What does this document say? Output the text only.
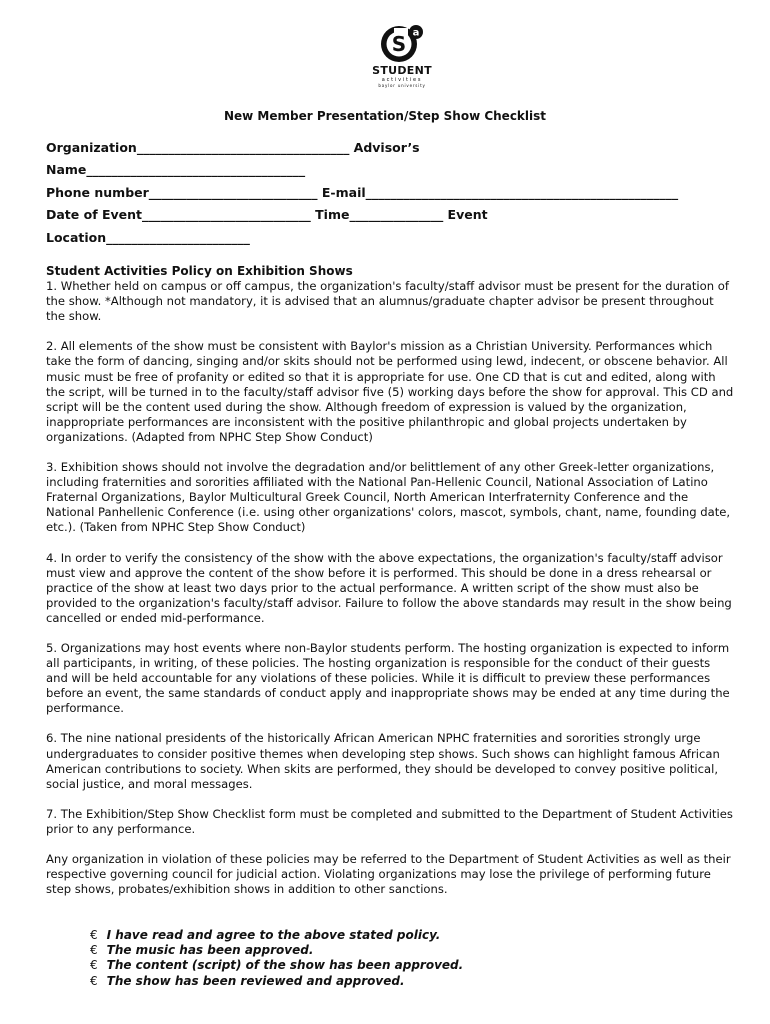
S a
STUDENT
activities
baylor university
New Member Presentation/Step Show Checklist
Organization__________________________________ Advisor’s
Name___________________________________
Phone number___________________________ E-mail__________________________________________________
Date of Event___________________________ Time_______________ Event
Location_______________________
Student Activities Policy on Exhibition Shows

1. Whether held on campus or off campus, the organization's faculty/staff advisor must be present for the duration of the show. *Although not mandatory, it is advised that an alumnus/graduate chapter advisor be present throughout the show.

2. All elements of the show must be consistent with Baylor's mission as a Christian University. Performances which take the form of dancing, singing and/or skits should not be performed using lewd, indecent, or obscene behavior. All music must be free of profanity or edited so that it is appropriate for use. One CD that is cut and edited, along with the script, will be turned in to the faculty/staff advisor five (5) working days before the show for approval. This CD and script will be the content used during the show. Although freedom of expression is valued by the organization, inappropriate performances are inconsistent with the positive philanthropic and global projects undertaken by organizations. (Adapted from NPHC Step Show Conduct)

3. Exhibition shows should not involve the degradation and/or belittlement of any other Greek-letter organizations, including fraternities and sororities affiliated with the National Pan-Hellenic Council, National Association of Latino Fraternal Organizations, Baylor Multicultural Greek Council, North American Interfraternity Conference and the National Panhellenic Conference (i.e. using other organizations' colors, mascot, symbols, chant, name, founding date, etc.). (Taken from NPHC Step Show Conduct)

4. In order to verify the consistency of the show with the above expectations, the organization's faculty/staff advisor must view and approve the content of the show before it is performed. This should be done in a dress rehearsal or practice of the show at least two days prior to the actual performance. A written script of the show must also be provided to the organization's faculty/staff advisor. Failure to follow the above standards may result in the show being cancelled or ended mid-performance.

5. Organizations may host events where non-Baylor students perform. The hosting organization is expected to inform all participants, in writing, of these policies. The hosting organization is responsible for the conduct of their guests and will be held accountable for any violations of these policies. While it is difficult to preview these performances before an event, the same standards of conduct apply and inappropriate shows may be ended at any time during the performance.

6. The nine national presidents of the historically African American NPHC fraternities and sororities strongly urge undergraduates to consider positive themes when developing step shows. Such shows can highlight famous African American contributions to society. When skits are performed, they should be developed to convey positive political, social justice, and moral messages.

7. The Exhibition/Step Show Checklist form must be completed and submitted to the Department of Student Activities prior to any performance.

Any organization in violation of these policies may be referred to the Department of Student Activities as well as their respective governing council for judicial action. Violating organizations may lose the privilege of performing future step shows, probates/exhibition shows in addition to other sanctions.

€ I have read and agree to the above stated policy.
€ The music has been approved.
€ The content (script) of the show has been approved.
€ The show has been reviewed and approved.
